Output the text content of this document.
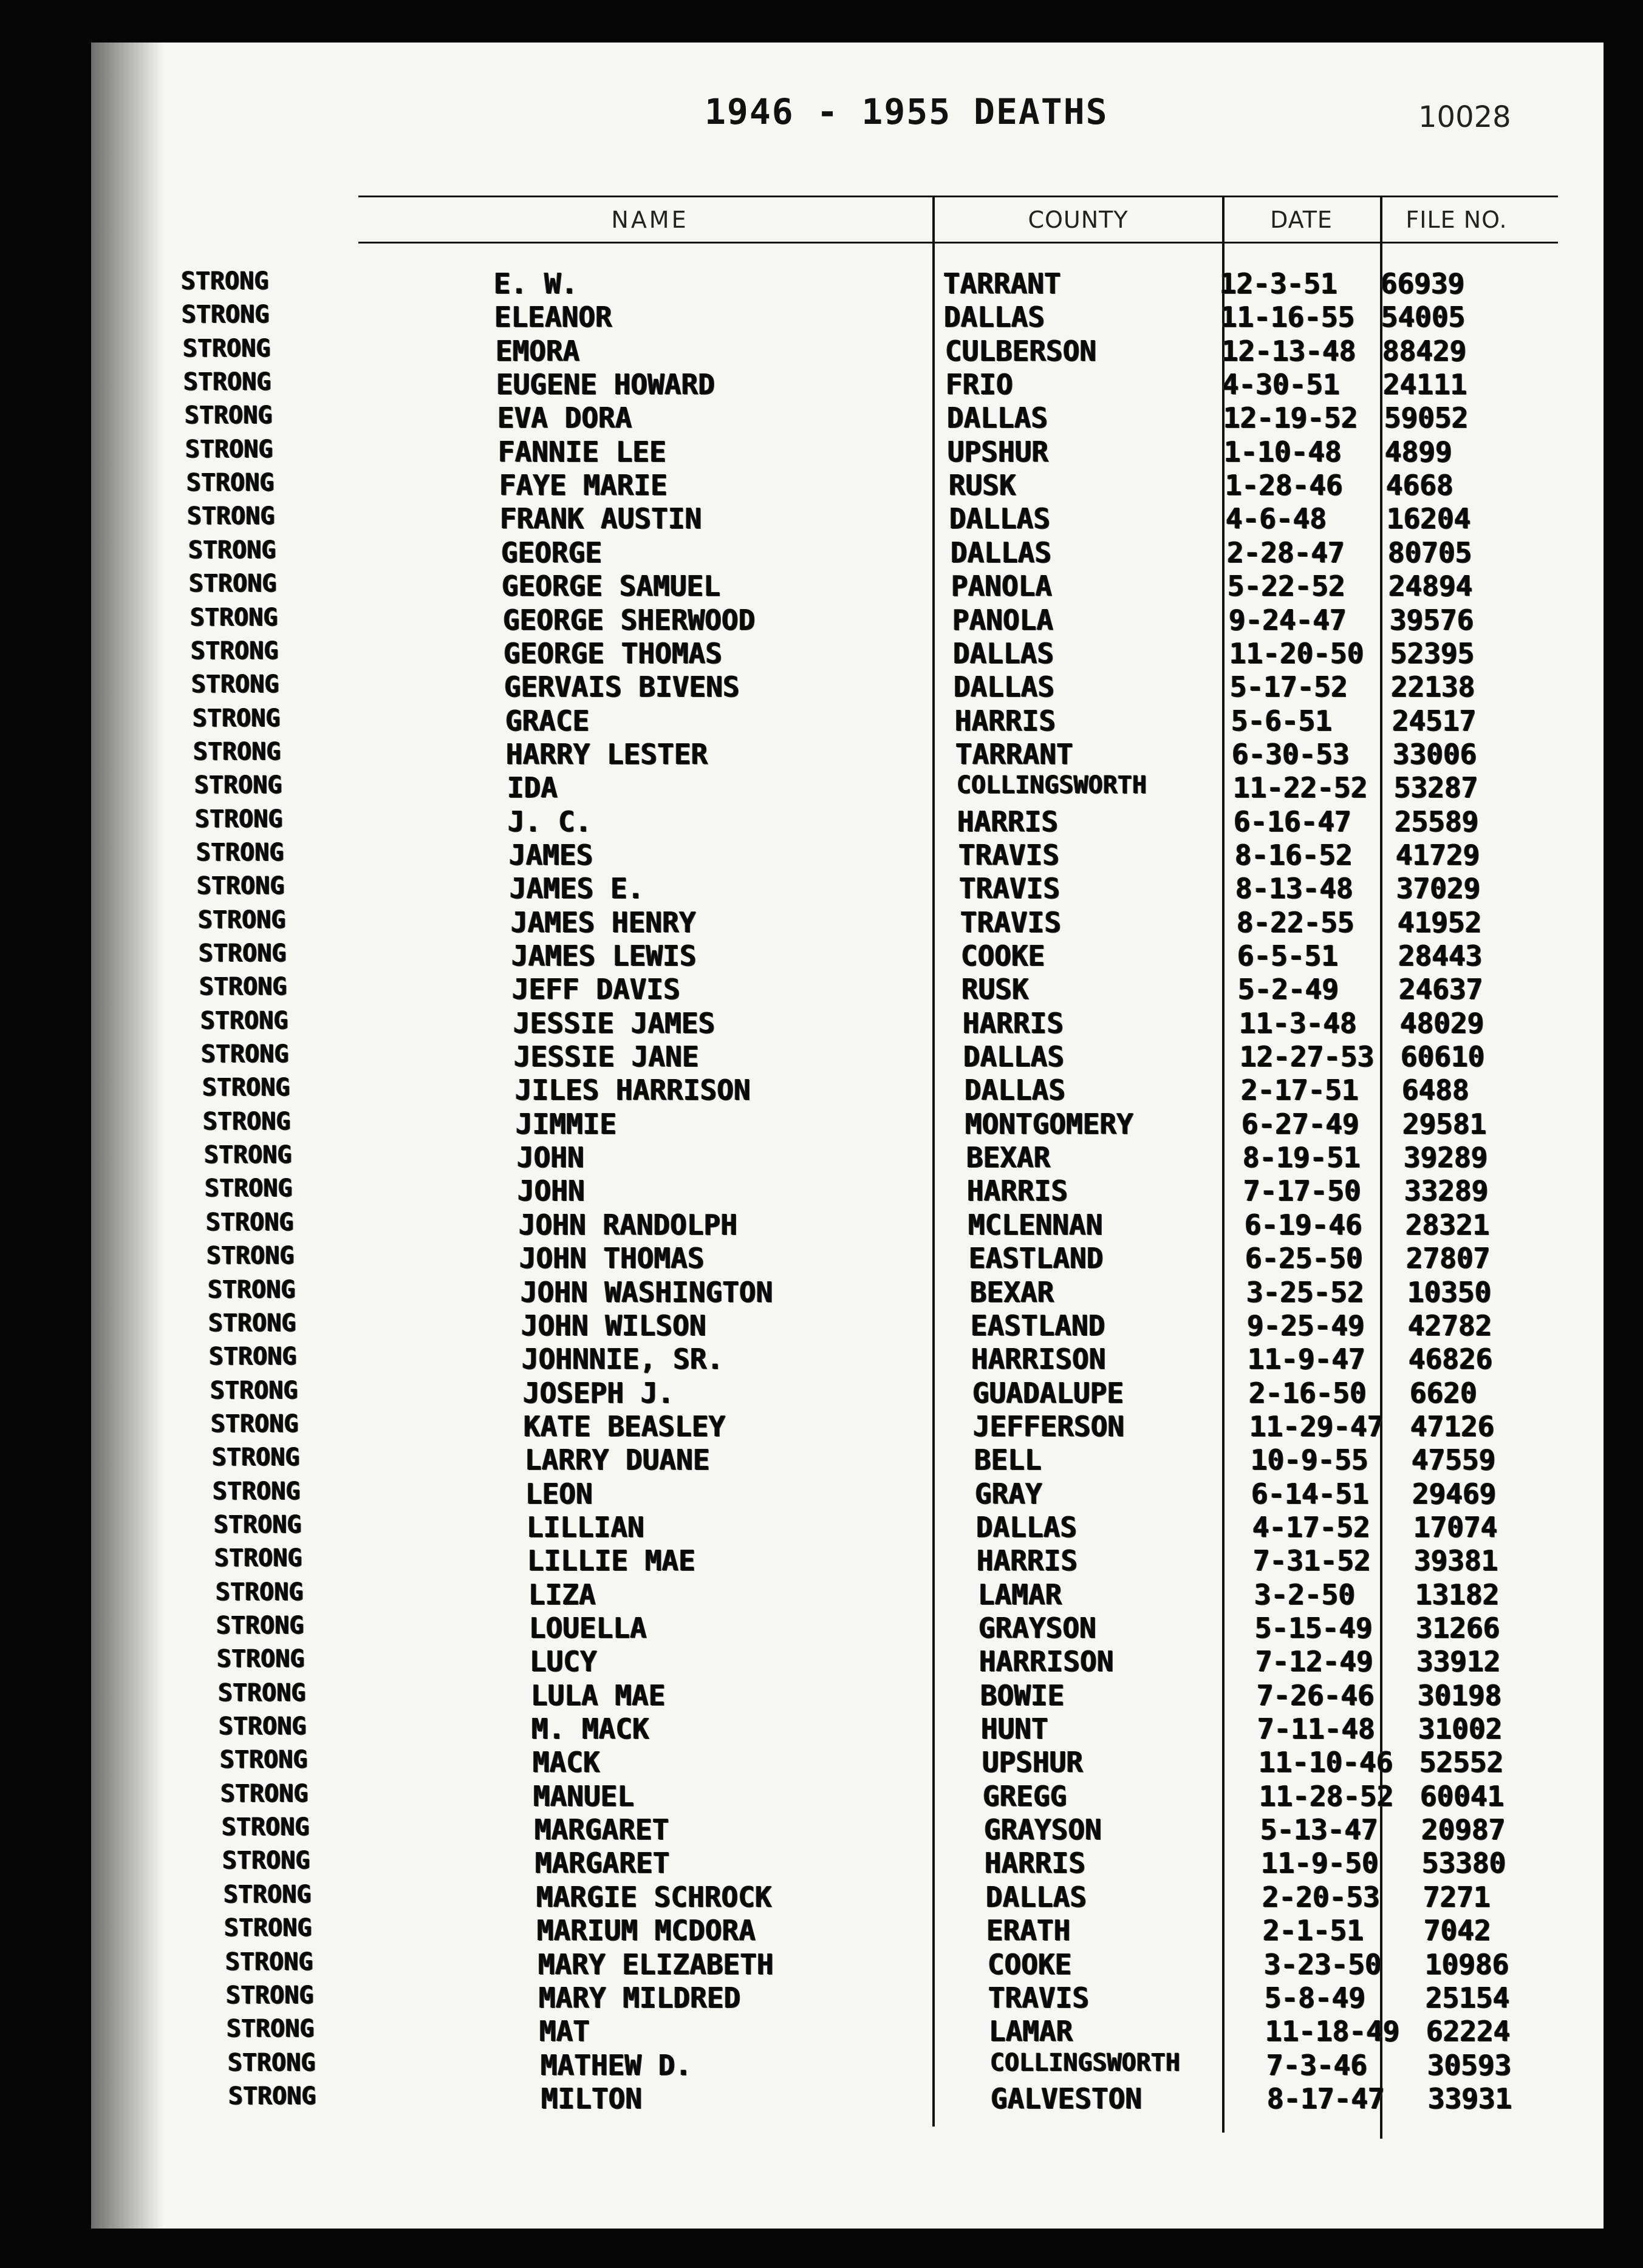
1946 - 1955 DEATHS	10028
NAME	COUNTY	DATE	FILE NO.
STRONG	E. W.	TARRANT	12-3-51 66939
STRONG	ELEANOR	DALLAS	11-16-55 54005
STRONG	EMORA	CULBERSON	12-13-48 88429
STRONG	EUGENE HOWARD	FRIO	4-30-51 24111
STRONG	EVA DORA	DALLAS	12-19-52 59052
STRONG	FANNIE LEE	UPSHUR	1-10-48 4899
STRONG	FAYE MARIE	RUSK	1-28-46 4668
STRONG	FRANK AUSTIN	DALLAS	4-6-48 16204
STRONG	GEORGE	DALLAS	2-28-47 80705
STRONG	GEORGE SAMUEL	PANOLA	5-22-52 24894
STRONG	GEORGE SHERWOOD	PANOLA	9-24-47 39576
STRONG	GEORGE THOMAS	DALLAS	11-20-50 52395
STRONG	GERVAIS BIVENS	DALLAS	5-17-52 22138
STRONG	GRACE	HARRIS	5-6-51 24517
STRONG	HARRY LESTER	TARRANT	6-30-53 33006
STRONG	IDA	COLLINGSWORTH	11-22-52 53287
STRONG	J. C.	HARRIS	6-16-47 25589
STRONG	JAMES	TRAVIS	8-16-52 41729
STRONG	JAMES E.	TRAVIS	8-13-48 37029
STRONG	JAMES HENRY	TRAVIS	8-22-55 41952
STRONG	JAMES LEWIS	COOKE	6-5-51 28443
STRONG	JEFF DAVIS	RUSK	5-2-49 24637
STRONG	JESSIE JAMES	HARRIS	11-3-48 48029
STRONG	JESSIE JANE	DALLAS	12-27-53 60610
STRONG	JILES HARRISON	DALLAS	2-17-51 6488
STRONG	JIMMIE	MONTGOMERY	6-27-49 29581
STRONG	JOHN	BEXAR	8-19-51 39289
STRONG	JOHN	HARRIS	7-17-50 33289
STRONG	JOHN RANDOLPH	MCLENNAN	6-19-46 28321
STRONG	JOHN THOMAS	EASTLAND	6-25-50 27807
STRONG	JOHN WASHINGTON	BEXAR	3-25-52 10350
STRONG	JOHN WILSON	EASTLAND	9-25-49 42782
STRONG	JOHNNIE, SR.	HARRISON	11-9-47 46826
STRONG	JOSEPH J.	GUADALUPE	2-16-50 6620
STRONG	KATE BEASLEY	JEFFERSON	11-29-47 47126
STRONG	LARRY DUANE	BELL	10-9-55 47559
STRONG	LEON	GRAY	6-14-51 29469
STRONG	LILLIAN	DALLAS	4-17-52 17074
STRONG	LILLIE MAE	HARRIS	7-31-52 39381
STRONG	LIZA	LAMAR	3-2-50 13182
STRONG	LOUELLA	GRAYSON	5-15-49 31266
STRONG	LUCY	HARRISON	7-12-49 33912
STRONG	LULA MAE	BOWIE	7-26-46 30198
STRONG	M. MACK	HUNT	7-11-48 31002
STRONG	MACK	UPSHUR	11-10-46 52552
STRONG	MANUEL	GREGG	11-28-52 60041
STRONG	MARGARET	GRAYSON	5-13-47 20987
STRONG	MARGARET	HARRIS	11-9-50 53380
STRONG	MARGIE SCHROCK	DALLAS	2-20-53 7271
STRONG	MARIUM MCDORA	ERATH	2-1-51 7042
STRONG	MARY ELIZABETH	COOKE	3-23-50 10986
STRONG	MARY MILDRED	TRAVIS	5-8-49 25154
STRONG	MAT	LAMAR	11-18-49 62224
STRONG	MATHEW D.	COLLINGSWORTH	7-3-46 30593
STRONG	MILTON	GALVESTON	8-17-47 33931
